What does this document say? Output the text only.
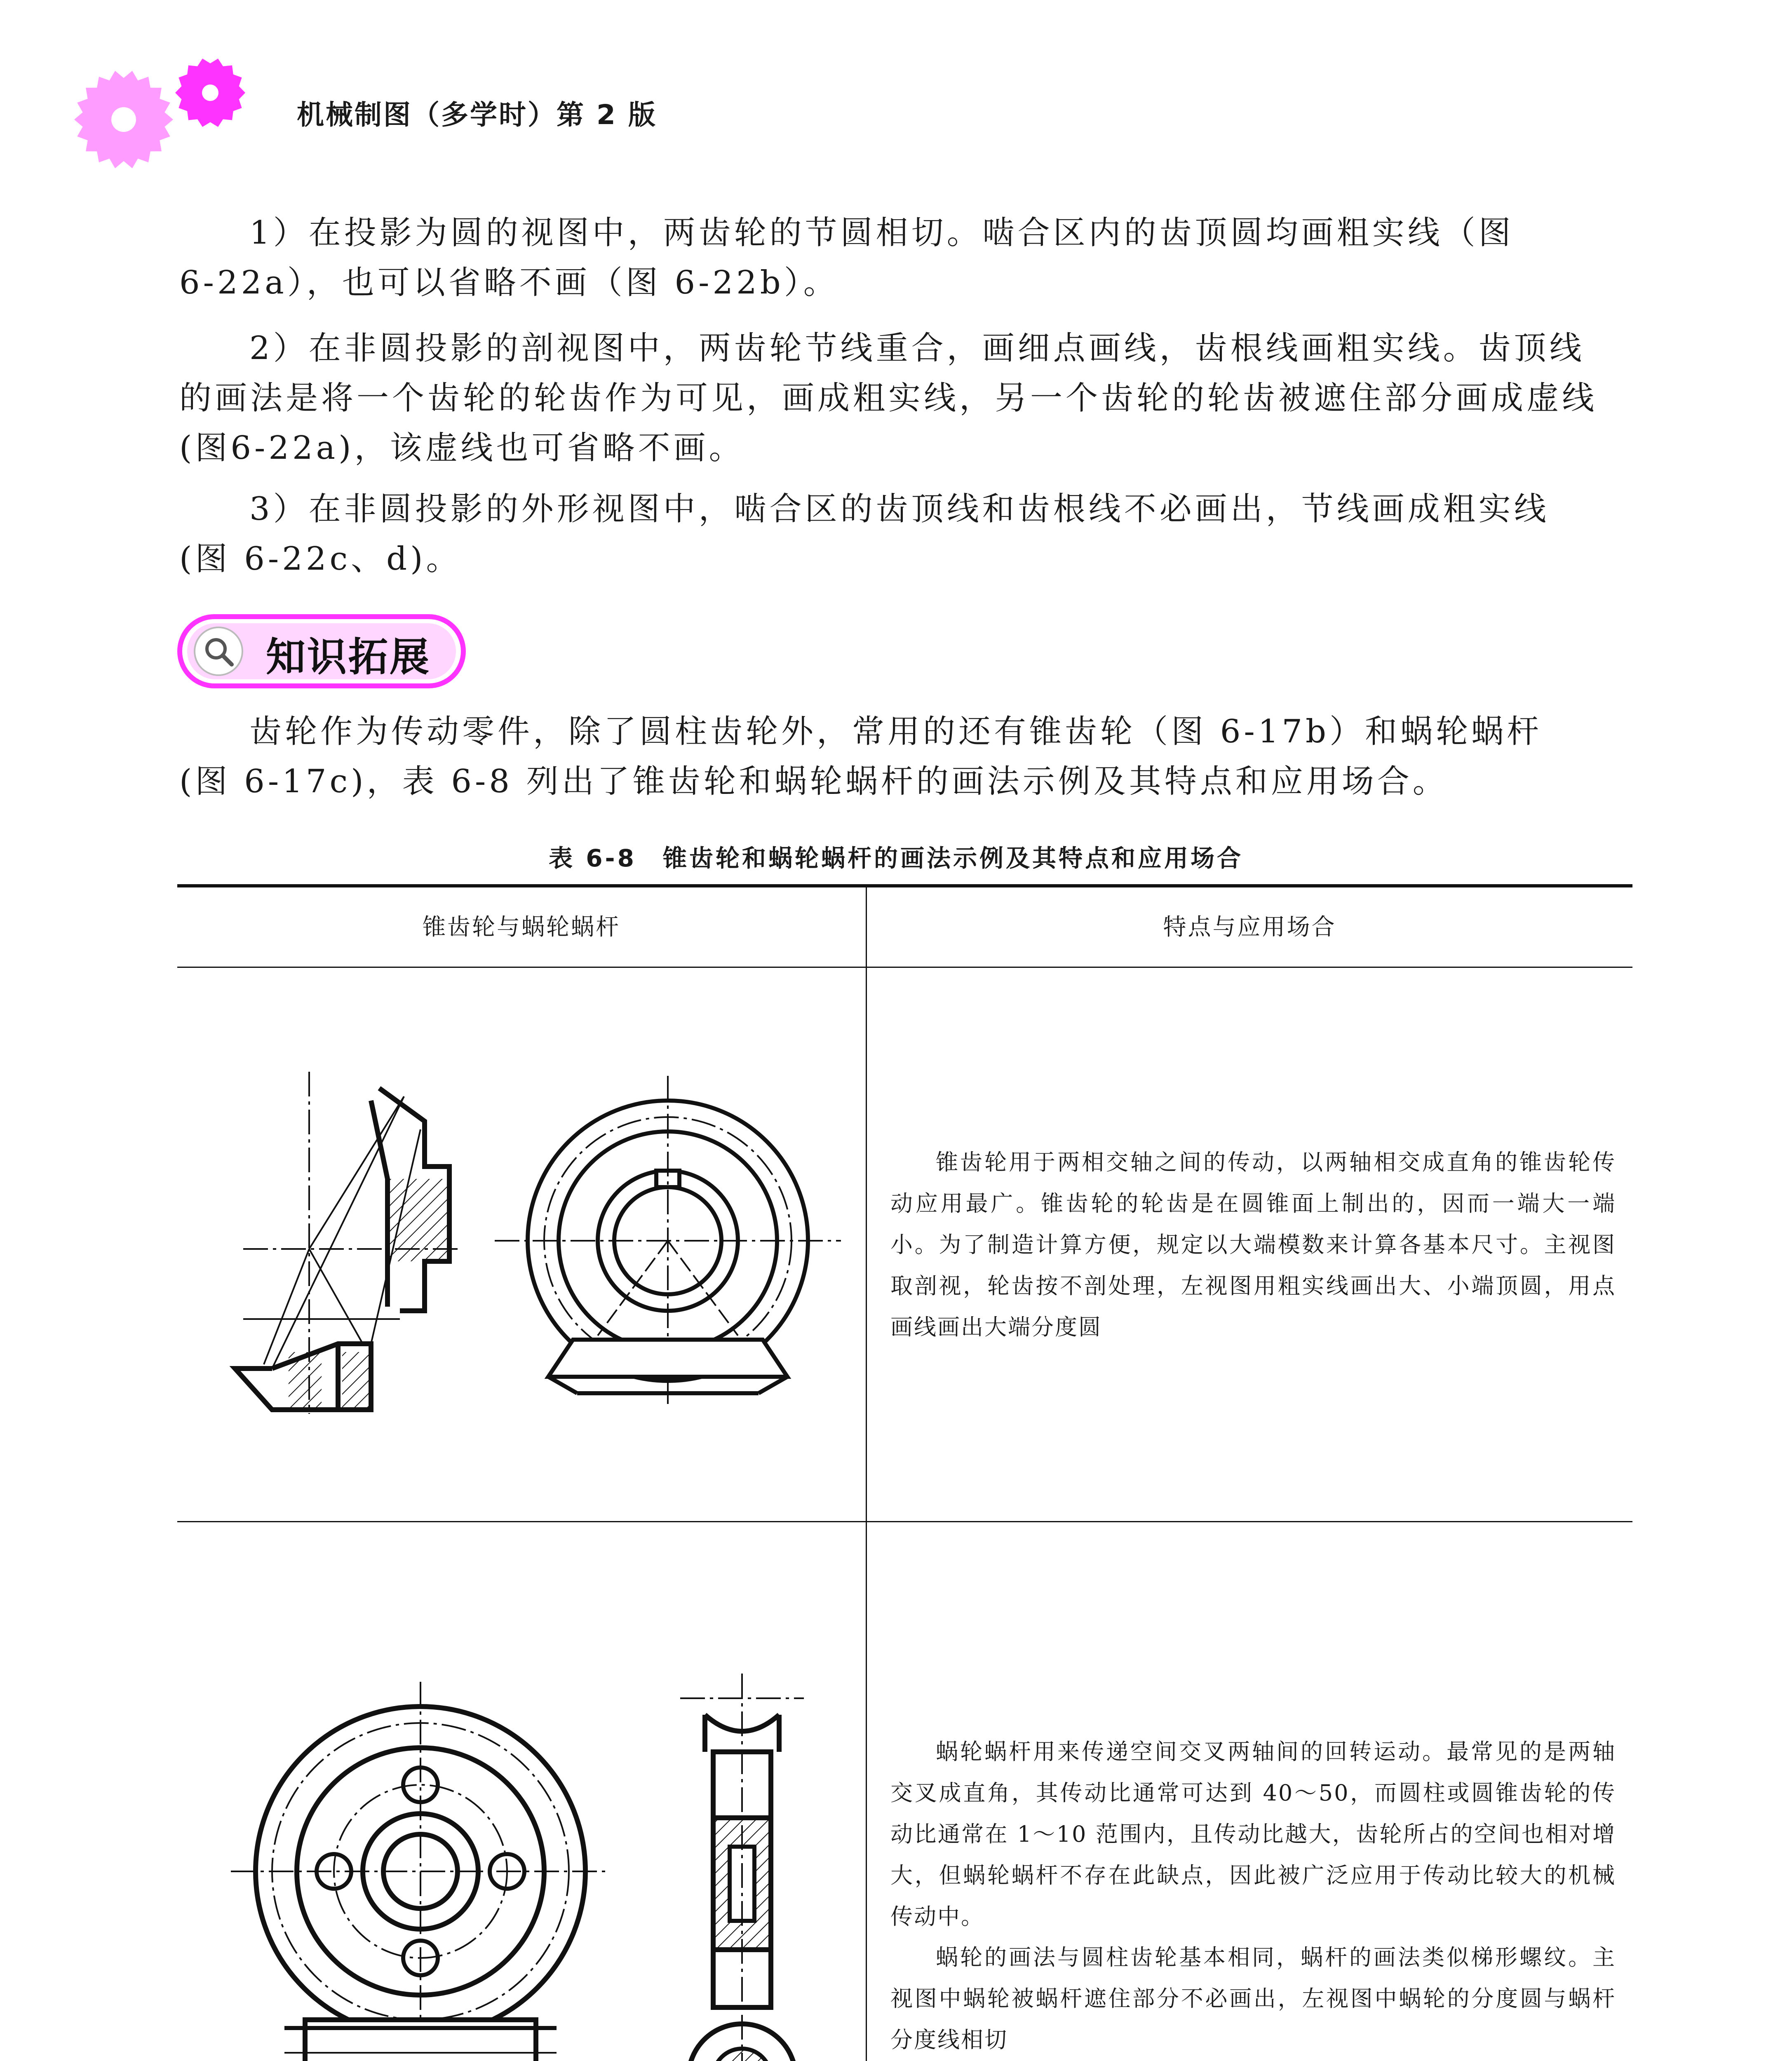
机械制图（多学时）第 2 版

1）在投影为圆的视图中，两齿轮的节圆相切。啮合区内的齿顶圆均画粗实线（图
6-22a），也可以省略不画（图 6-22b）。

2）在非圆投影的剖视图中，两齿轮节线重合，画细点画线，齿根线画粗实线。齿顶线
的画法是将一个齿轮的轮齿作为可见，画成粗实线，另一个齿轮的轮齿被遮住部分画成虚线
(图6-22a)，该虚线也可省略不画。

3）在非圆投影的外形视图中，啮合区的齿顶线和齿根线不必画出，节线画成粗实线
(图 6-22c、d)。

知识拓展

齿轮作为传动零件，除了圆柱齿轮外，常用的还有锥齿轮（图 6-17b）和蜗轮蜗杆
(图 6-17c)，表 6-8 列出了锥齿轮和蜗轮蜗杆的画法示例及其特点和应用场合。

表 6-8　锥齿轮和蜗轮蜗杆的画法示例及其特点和应用场合
锥齿轮与蜗轮蜗杆	特点与应用场合

锥齿轮用于两相交轴之间的传动，以两轴相交成直角的锥齿轮传动应用最广。锥齿轮的轮齿是在圆锥面上制出的，因而一端大一端小。为了制造计算方便，规定以大端模数来计算各基本尺寸。主视图取剖视，轮齿按不剖处理，左视图用粗实线画出大、小端顶圆，用点画线画出大端分度圆

蜗轮蜗杆用来传递空间交叉两轴间的回转运动。最常见的是两轴交叉成直角，其传动比通常可达到 40～50，而圆柱或圆锥齿轮的传动比通常在 1～10 范围内，且传动比越大，齿轮所占的空间也相对增大，但蜗轮蜗杆不存在此缺点，因此被广泛应用于传动比较大的机械传动中。

蜗轮的画法与圆柱齿轮基本相同，蜗杆的画法类似梯形螺纹。主视图中蜗轮被蜗杆遮住部分不必画出，左视图中蜗轮的分度圆与蜗杆分度线相切
